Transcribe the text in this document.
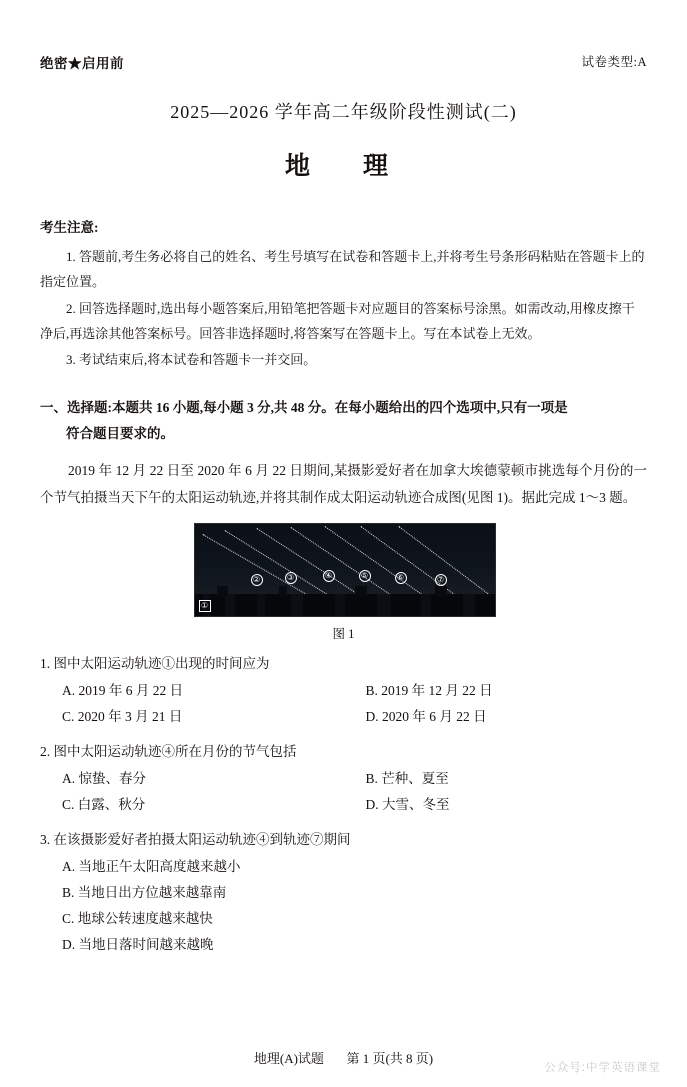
绝密★启用前	试卷类型:A
2025—2026 学年高二年级阶段性测试(二)
地　理
考生注意:
1. 答题前,考生务必将自己的姓名、考生号填写在试卷和答题卡上,并将考生号条形码粘贴在答题卡上的指定位置。
2. 回答选择题时,选出每小题答案后,用铅笔把答题卡对应题目的答案标号涂黑。如需改动,用橡皮擦干净后,再选涂其他答案标号。回答非选择题时,将答案写在答题卡上。写在本试卷上无效。
3. 考试结束后,将本试卷和答题卡一并交回。
一、选择题:本题共 16 小题,每小题 3 分,共 48 分。在每小题给出的四个选项中,只有一项是
符合题目要求的。
2019 年 12 月 22 日至 2020 年 6 月 22 日期间,某摄影爱好者在加拿大埃德蒙顿市挑选每个月份的一个节气拍摄当天下午的太阳运动轨迹,并将其制作成太阳运动轨迹合成图(见图 1)。据此完成 1～3 题。
②	③	④	⑤	⑥	⑦
①
图 1
1. 图中太阳运动轨迹①出现的时间应为
A. 2019 年 6 月 22 日	B. 2019 年 12 月 22 日
C. 2020 年 3 月 21 日	D. 2020 年 6 月 22 日
2. 图中太阳运动轨迹④所在月份的节气包括
A. 惊蛰、春分	B. 芒种、夏至
C. 白露、秋分	D. 大雪、冬至
3. 在该摄影爱好者拍摄太阳运动轨迹④到轨迹⑦期间
A. 当地正午太阳高度越来越小
B. 当地日出方位越来越靠南
C. 地球公转速度越来越快
D. 当地日落时间越来越晚
地理(A)试题 第 1 页(共 8 页)
公众号:中学英语课堂
